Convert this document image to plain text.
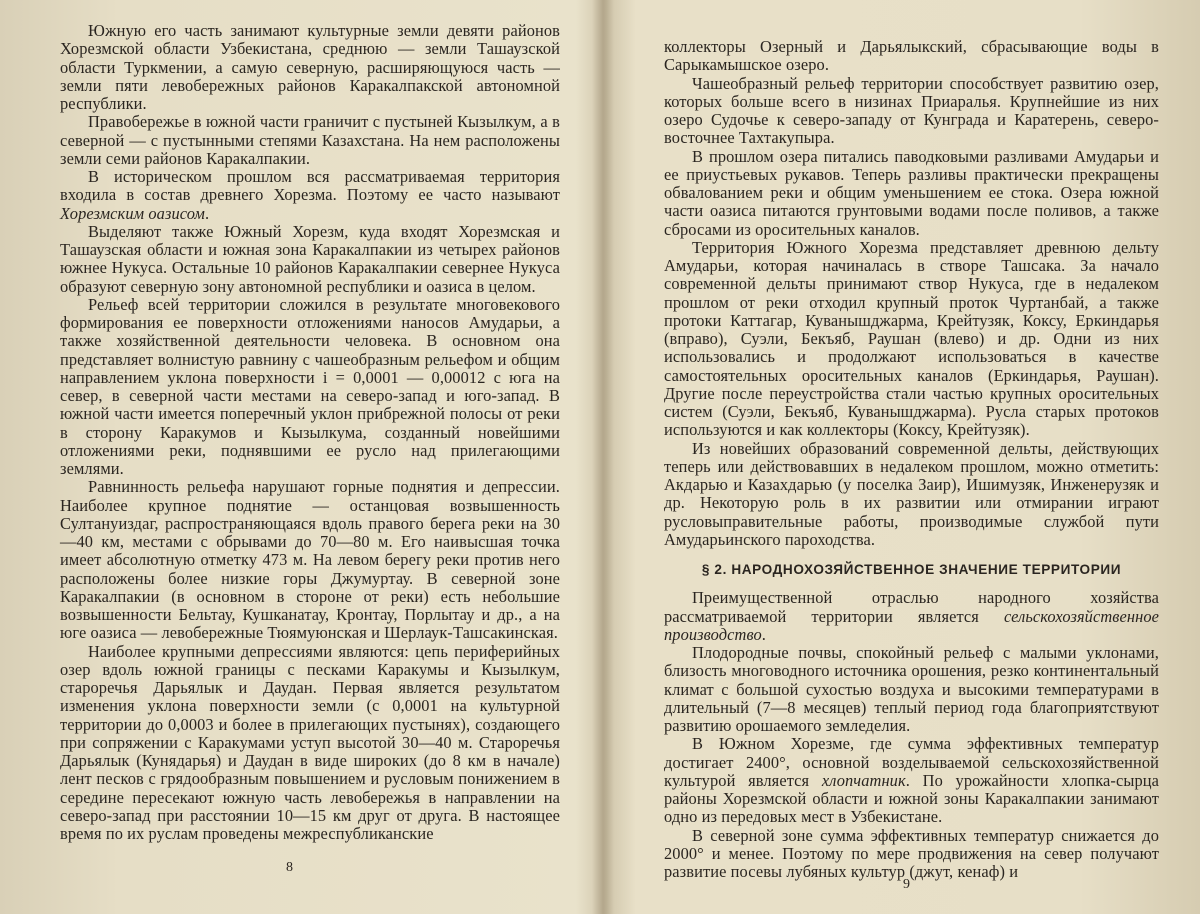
Южную его часть занимают культурные земли девяти районов Хорезмской области Узбекистана, среднюю — земли Ташаузской области Туркмении, а самую северную, расширяющуюся часть — земли пяти левобережных районов Каракалпакской автономной республики.

Правобережье в южной части граничит с пустыней Кызылкум, а в северной — с пустынными степями Казахстана. На нем расположены земли семи районов Каракалпакии.

В историческом прошлом вся рассматриваемая территория входила в состав древнего Хорезма. Поэтому ее часто называют Хорезмским оазисом.

Выделяют также Южный Хорезм, куда входят Хорезмская и Ташаузская области и южная зона Каракалпакии из четырех районов южнее Нукуса. Остальные 10 районов Каракалпакии севернее Нукуса образуют северную зону автономной республики и оазиса в целом.

Рельеф всей территории сложился в результате многовекового формирования ее поверхности отложениями наносов Амударьи, а также хозяйственной деятельности человека. В основном она представляет волнистую равнину с чашеобразным рельефом и общим направлением уклона поверхности i = 0,0001 — 0,00012 с юга на север, в северной части местами на северо-запад и юго-запад. В южной части имеется поперечный уклон прибрежной полосы от реки в сторону Каракумов и Кызылкума, созданный новейшими отложениями реки, поднявшими ее русло над прилегающими землями.

Равнинность рельефа нарушают горные поднятия и депрессии. Наиболее крупное поднятие — останцовая возвышенность Султануиздаг, распространяющаяся вдоль правого берега реки на 30—40 км, местами с обрывами до 70—80 м. Его наивысшая точка имеет абсолютную отметку 473 м. На левом берегу реки против него расположены более низкие горы Джумуртау. В северной зоне Каракалпакии (в основном в стороне от реки) есть небольшие возвышенности Бельтау, Кушканатау, Кронтау, Порлытау и др., а на юге оазиса — левобережные Тюямуюнская и Шерлаук-Ташсакинская.

Наиболее крупными депрессиями являются: цепь периферийных озер вдоль южной границы с песками Каракумы и Кызылкум, староречья Дарьялык и Даудан. Первая является результатом изменения уклона поверхности земли (с 0,0001 на культурной территории до 0,0003 и более в прилегающих пустынях), создающего при сопряжении с Каракумами уступ высотой 30—40 м. Староречья Дарьялык (Кунядарья) и Даудан в виде широких (до 8 км в начале) лент песков с грядообразным повышением и русловым понижением в середине пересекают южную часть левобережья в направлении на северо-запад при расстоянии 10—15 км друг от друга. В настоящее время по их руслам проведены межреспубликанские

8

коллекторы Озерный и Дарьялыкский, сбрасывающие воды в Сарыкамышское озеро.

Чашеобразный рельеф территории способствует развитию озер, которых больше всего в низинах Приаралья. Крупнейшие из них озеро Судочье к северо-западу от Кунграда и Каратерень, северо-восточнее Тахтакупыра.

В прошлом озера питались паводковыми разливами Амударьи и ее приустьевых рукавов. Теперь разливы практически прекращены обвалованием реки и общим уменьшением ее стока. Озера южной части оазиса питаются грунтовыми водами после поливов, а также сбросами из оросительных каналов.

Территория Южного Хорезма представляет древнюю дельту Амударьи, которая начиналась в створе Ташсака. За начало современной дельты принимают створ Нукуса, где в недалеком прошлом от реки отходил крупный проток Чуртанбай, а также протоки Каттагар, Куванышджарма, Крейтузяк, Коксу, Еркиндарья (вправо), Суэли, Бекъяб, Раушан (влево) и др. Одни из них использовались и продолжают использоваться в качестве самостоятельных оросительных каналов (Еркиндарья, Раушан). Другие после переустройства стали частью крупных оросительных систем (Суэли, Бекъяб, Куванышджарма). Русла старых протоков используются и как коллекторы (Коксу, Крейтузяк).

Из новейших образований современной дельты, действующих теперь или действовавших в недалеком прошлом, можно отметить: Акдарью и Казахдарью (у поселка Заир), Ишимузяк, Инженерузяк и др. Некоторую роль в их развитии или отмирании играют русловыправительные работы, производимые службой пути Амударьинского пароходства.

§ 2. НАРОДНОХОЗЯЙСТВЕННОЕ ЗНАЧЕНИЕ ТЕРРИТОРИИ

Преимущественной отраслью народного хозяйства рассматриваемой территории является сельскохозяйственное производство.

Плодородные почвы, спокойный рельеф с малыми уклонами, близость многоводного источника орошения, резко континентальный климат с большой сухостью воздуха и высокими температурами в длительный (7—8 месяцев) теплый период года благоприятствуют развитию орошаемого земледелия.

В Южном Хорезме, где сумма эффективных температур достигает 2400°, основной возделываемой сельскохозяйственной культурой является хлопчатник. По урожайности хлопка-сырца районы Хорезмской области и южной зоны Каракалпакии занимают одно из передовых мест в Узбекистане.

В северной зоне сумма эффективных температур снижается до 2000° и менее. Поэтому по мере продвижения на север получают развитие посевы лубяных культур (джут, кенаф) и

9
